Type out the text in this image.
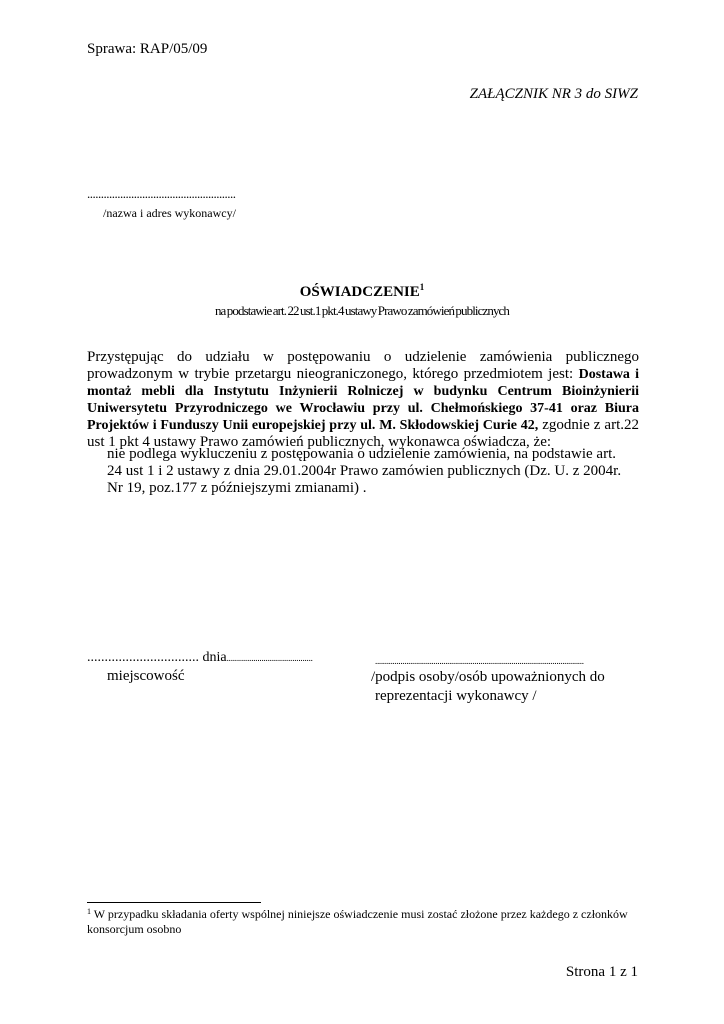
Sprawa: RAP/05/09
ZAŁĄCZNIK NR 3 do SIWZ
......................................................
/nazwa i adres wykonawcy/
OŚWIADCZENIE$^1$
na podstawie art. 22 ust.1 pkt.4 ustawy Prawo zamówień publicznych
Przystępując do udziału w postępowaniu o udzielenie zamówienia publicznego prowadzonym w trybie przetargu nieograniczonego, którego przedmiotem jest: Dostawa i montaż mebli dla Instytutu Inżynierii Rolniczej w budynku Centrum Bioinżynierii Uniwersytetu Przyrodniczego we Wrocławiu przy ul. Chełmońskiego 37-41 oraz Biura Projektów i Funduszy Unii europejskiej przy ul. M. Skłodowskiej Curie 42, zgodnie z art.22 ust 1 pkt 4 ustawy Prawo zamówień publicznych, wykonawca oświadcza, że:
nie podlega wykluczeniu z postępowania o udzielenie zamówienia, na podstawie art. 24 ust 1 i 2 ustawy z dnia 29.01.2004r Prawo zamówien publicznych (Dz. U. z 2004r. Nr 19, poz.177 z późniejszymi zmianami) .
................................ dnia..........................................	...........................................................................................................
miejscowość	/podpis osoby/osób upoważnionych do
reprezentacji wykonawcy /
$^1$ W przypadku składania oferty wspólnej niniejsze oświadczenie musi zostać złożone przez każdego z członków konsorcjum osobno
Strona 1 z 1
